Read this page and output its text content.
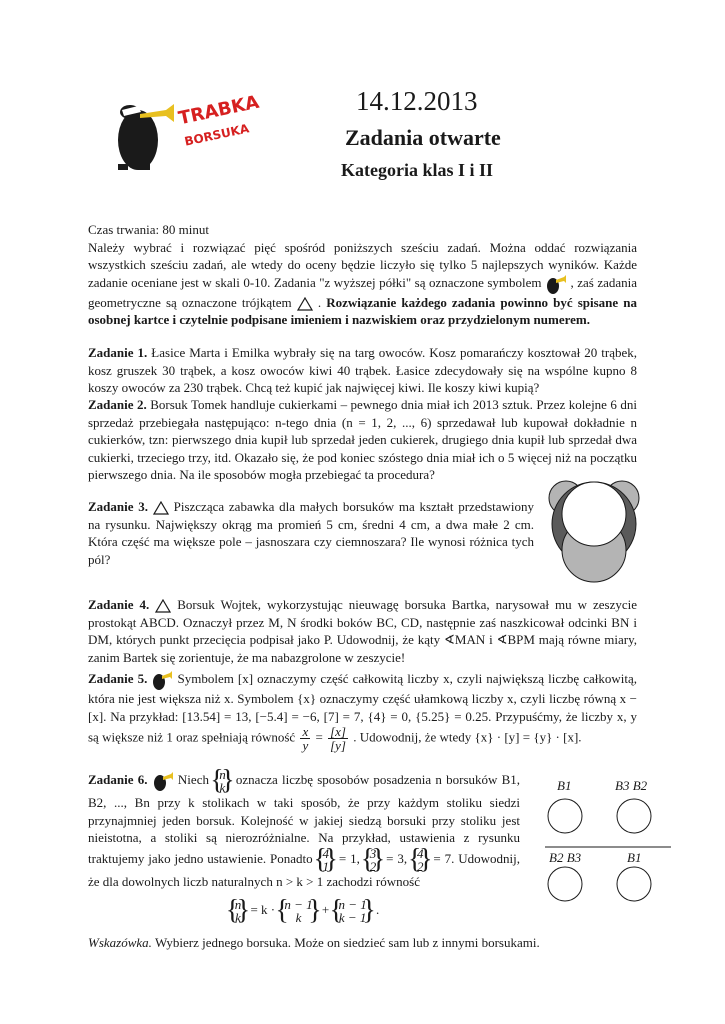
TRABKA
BORSUKA
14.12.2013
Zadania otwarte
Kategoria klas I i II

Czas trwania: 80 minut

Należy wybrać i rozwiązać pięć spośród poniższych sześciu zadań. Można oddać rozwiązania wszystkich sześciu zadań, ale wtedy do oceny będzie liczyło się tylko 5 najlepszych wyników. Każde zadanie oceniane jest w skali 0-10. Zadania "z wyższej półki" są oznaczone symbolem , zaś zadania geometryczne są oznaczone trójkątem . Rozwiązanie każdego zadania powinno być spisane na osobnej kartce i czytelnie podpisane imieniem i nazwiskiem oraz przydzielonym numerem.

Zadanie 1. Łasice Marta i Emilka wybrały się na targ owoców. Kosz pomarańczy kosztował 20 trąbek, kosz gruszek 30 trąbek, a kosz owoców kiwi 40 trąbek. Łasice zdecydowały się na wspólne kupno 8 koszy owoców za 230 trąbek. Chcą też kupić jak najwięcej kiwi. Ile koszy kiwi kupią?

Zadanie 2. Borsuk Tomek handluje cukierkami – pewnego dnia miał ich 2013 sztuk. Przez kolejne 6 dni sprzedaż przebiegała następująco: n-tego dnia (n = 1, 2, ..., 6) sprzedawał lub kupował dokładnie n cukierków, tzn: pierwszego dnia kupił lub sprzedał jeden cukierek, drugiego dnia kupił lub sprzedał dwa cukierki, trzeciego trzy, itd. Okazało się, że pod koniec szóstego dnia miał ich o 5 więcej niż na początku pierwszego dnia. Na ile sposobów mogła przebiegać ta procedura?

Zadanie 3. Piszcząca zabawka dla małych borsuków ma kształt przedstawiony na rysunku. Największy okrąg ma promień 5 cm, średni 4 cm, a dwa małe 2 cm. Która część ma większe pole – jasnoszara czy ciemnoszara? Ile wynosi różnica tych pól?

Zadanie 4. Borsuk Wojtek, wykorzystując nieuwagę borsuka Bartka, narysował mu w zeszycie prostokąt ABCD. Oznaczył przez M, N środki boków BC, CD, następnie zaś naszkicował odcinki BN i DM, których punkt przecięcia podpisał jako P. Udowodnij, że kąty ∢MAN i ∢BPM mają równe miary, zanim Bartek się zorientuje, że ma nabazgrolone w zeszycie!

Zadanie 5. Symbolem [x] oznaczymy część całkowitą liczby x, czyli największą liczbę całkowitą, która nie jest większa niż x. Symbolem {x} oznaczymy część ułamkową liczby x, czyli liczbę równą x − [x]. Na przykład: [13.54] = 13, [−5.4] = −6, [7] = 7, {4} = 0, {5.25} = 0.25. Przypuśćmy, że liczby x, y są większe niż 1 oraz spełniają równość $\frac{x}{y} = \frac{[x]}{[y]}$ . Udowodnij, że wtedy {x} · [y] = {y} · [x].

Zadanie 6. Niech { n
k
} oznacza liczbę sposobów posadzenia n borsuków B1, B2, ..., Bn przy k stolikach w taki sposób, że przy każdym stoliku siedzi przynajmniej jeden borsuk. Kolejność w jakiej siedzą borsuki przy stoliku jest nieistotna, a stoliki są nierozróżnialne. Na przykład, ustawienia z rysunku traktujemy jako jedno ustawienie. Ponadto { 4
1
} = 1, { 3
2
} = 3, { 4
2
} = 7. Udowodnij, że dla dowolnych liczb naturalnych n > k > 1 zachodzi równość

{ n
k
} = k · { n − 1
k
} + { n − 1
k − 1
} .

B1	B3 B2
B2 B3	B1
Wskazówka. Wybierz jednego borsuka. Może on siedzieć sam lub z innymi borsukami.
